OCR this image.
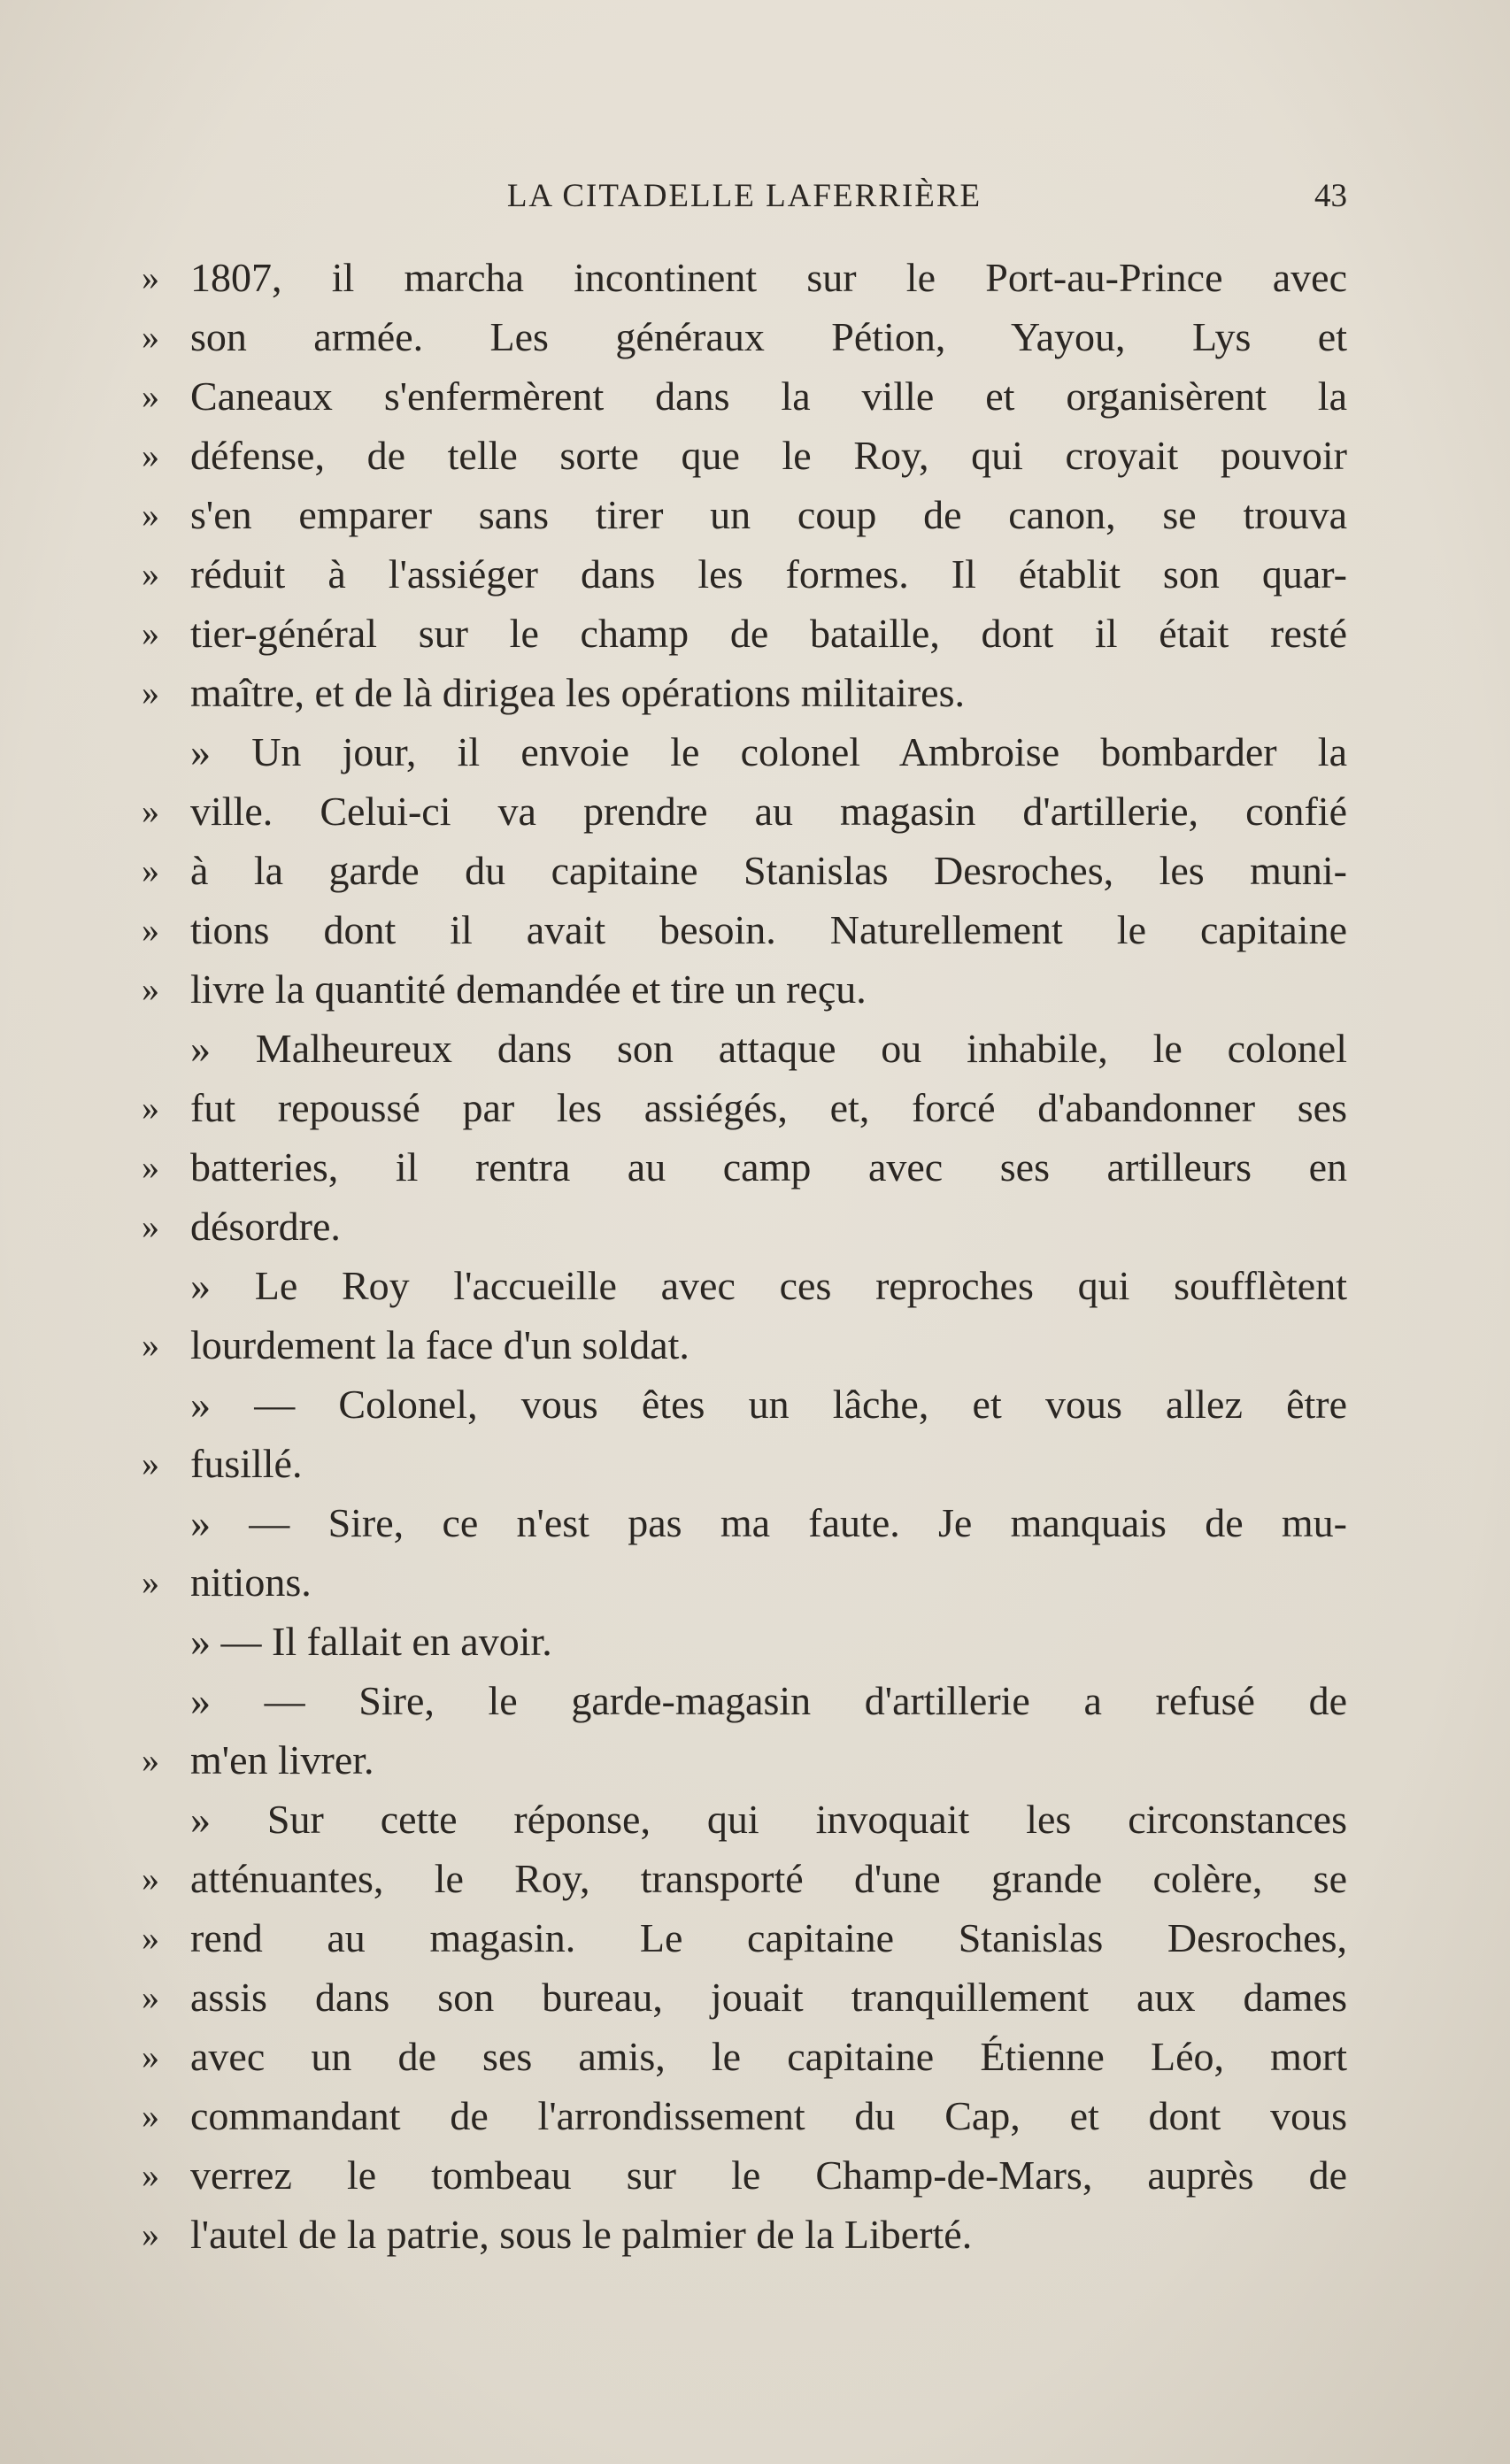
LA CITADELLE LAFERRIÈRE	43
» 1807, il marcha incontinent sur le Port-au-Prince avec
» son armée. Les généraux Pétion, Yayou, Lys et
» Caneaux s'enfermèrent dans la ville et organisèrent la
» défense, de telle sorte que le Roy, qui croyait pouvoir
» s'en emparer sans tirer un coup de canon, se trouva
» réduit à l'assiéger dans les formes. Il établit son quar-
» tier-général sur le champ de bataille, dont il était resté
» maître, et de là dirigea les opérations militaires.
» Un jour, il envoie le colonel Ambroise bombarder la
» ville. Celui-ci va prendre au magasin d'artillerie, confié
» à la garde du capitaine Stanislas Desroches, les muni-
» tions dont il avait besoin. Naturellement le capitaine
» livre la quantité demandée et tire un reçu.
» Malheureux dans son attaque ou inhabile, le colonel
» fut repoussé par les assiégés, et, forcé d'abandonner ses
» batteries, il rentra au camp avec ses artilleurs en
» désordre.
» Le Roy l'accueille avec ces reproches qui soufflètent
» lourdement la face d'un soldat.
» — Colonel, vous êtes un lâche, et vous allez être
» fusillé.
» — Sire, ce n'est pas ma faute. Je manquais de mu-
» nitions.
» — Il fallait en avoir.
» — Sire, le garde-magasin d'artillerie a refusé de
» m'en livrer.
» Sur cette réponse, qui invoquait les circonstances
» atténuantes, le Roy, transporté d'une grande colère, se
» rend au magasin. Le capitaine Stanislas Desroches,
» assis dans son bureau, jouait tranquillement aux dames
» avec un de ses amis, le capitaine Étienne Léo, mort
» commandant de l'arrondissement du Cap, et dont vous
» verrez le tombeau sur le Champ-de-Mars, auprès de
» l'autel de la patrie, sous le palmier de la Liberté.
